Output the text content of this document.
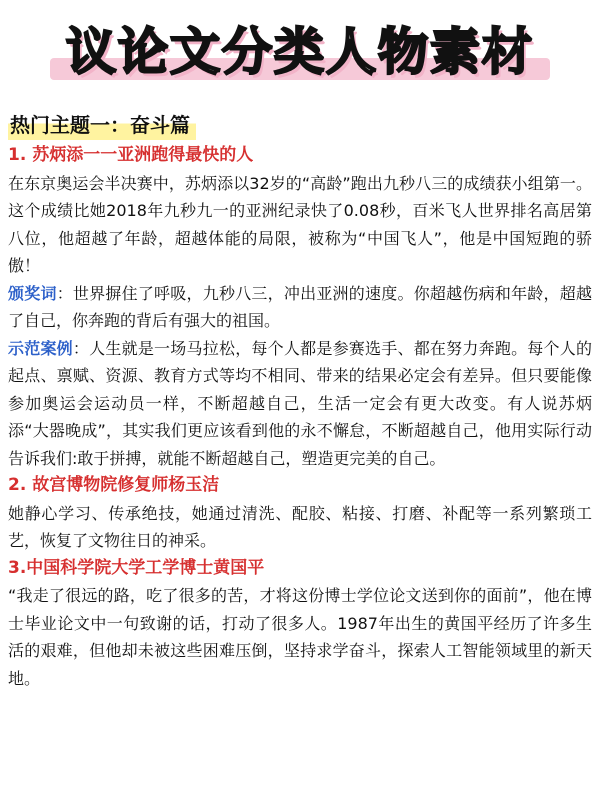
议论文分类人物素材
热门主题一：奋斗篇
1. 苏炳添一一亚洲跑得最快的人

在东京奥运会半决赛中，苏炳添以32岁的“高龄”跑出九秒八三的成绩获小组第一。这个成绩比她2018年九秒九一的亚洲纪录快了0.08秒，百米飞人世界排名高居第八位，他超越了年龄，超越体能的局限，被称为“中国飞人”，他是中国短跑的骄傲！

颁奖词：世界摒住了呼吸，九秒八三，冲出亚洲的速度。你超越伤病和年龄，超越了自己，你奔跑的背后有强大的祖国。

示范案例：人生就是一场马拉松，每个人都是参赛选手、都在努力奔跑。每个人的起点、禀赋、资源、教育方式等均不相同、带来的结果必定会有差异。但只要能像参加奥运会运动员一样，不断超越自己，生活一定会有更大改变。有人说苏炳添“大器晚成”，其实我们更应该看到他的永不懈怠，不断超越自己，他用实际行动告诉我们:敢于拼搏，就能不断超越自己，塑造更完美的自己。

2. 故宫博物院修复师杨玉洁

她静心学习、传承绝技，她通过清洗、配胶、粘接、打磨、补配等一系列繁琐工艺，恢复了文物往日的神采。

3.中国科学院大学工学博士黄国平

“我走了很远的路，吃了很多的苦，才将这份博士学位论文送到你的面前”，他在博士毕业论文中一句致谢的话，打动了很多人。1987年出生的黄国平经历了许多生活的艰难，但他却未被这些困难压倒，坚持求学奋斗，探索人工智能领域里的新天地。
